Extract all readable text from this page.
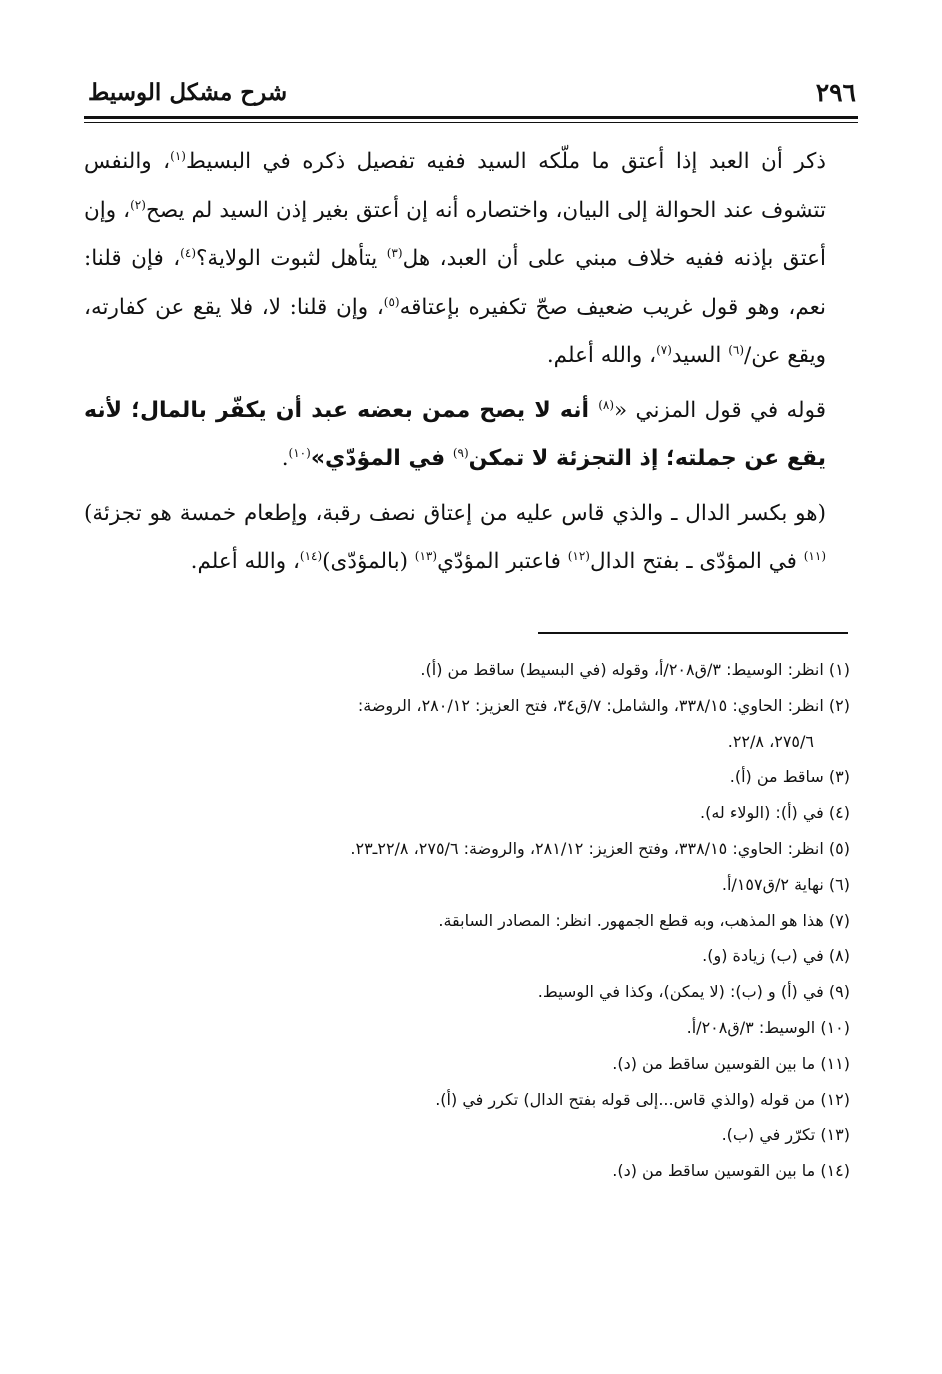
٢٩٦
شرح مشكل الوسيط

ذكر أن العبد إذا أعتق ما ملّكه السيد ففيه تفصيل ذكره في البسيط$^{(١)}$، والنفس تتشوف عند الحوالة إلى البيان، واختصاره أنه إن أعتق بغير إذن السيد لم يصح$^{(٢)}$، وإن أعتق بإذنه ففيه خلاف مبني على أن العبد، هل$^{(٣)}$ يتأهل لثبوت الولاية؟$^{(٤)}$، فإن قلنا: نعم، وهو قول غريب ضعيف صحّ تكفيره بإعتاقه$^{(٥)}$، وإن قلنا: لا، فلا يقع عن كفارته، ويقع عن/$^{(٦)}$ السيد$^{(٧)}$، والله أعلم.

قوله في قول المزني «$^{(٨)}$ أنه لا يصح ممن بعضه عبد أن يكفّر بالمال؛ لأنه يقع عن جملته؛ إذ التجزئة لا تمكن$^{(٩)}$ في المؤدّي»$^{(١٠)}$.

(هو بكسر الدال ـ والذي قاس عليه من إعتاق نصف رقبة، وإطعام خمسة هو تجزئة)$^{(١١)}$ في المؤدّى ـ بفتح الدال$^{(١٢)}$ فاعتبر المؤدّي$^{(١٣)}$ (بالمؤدّى)$^{(١٤)}$، والله أعلم.

(١) انظر: الوسيط: ٣/ق٢٠٨/أ، وقوله (في البسيط) ساقط من (أ).

(٢) انظر: الحاوي: ٣٣٨/١٥، والشامل: ٧/ق٣٤، فتح العزيز: ٢٨٠/١٢، الروضة:

٢٧٥/٦، ٢٢/٨.

(٣) ساقط من (أ).

(٤) في (أ): (الولاء له).

(٥) انظر: الحاوي: ٣٣٨/١٥، وفتح العزيز: ٢٨١/١٢، والروضة: ٢٧٥/٦، ٢٢/٨ـ٢٣.

(٦) نهاية ٢/ق١٥٧/أ.

(٧) هذا هو المذهب، وبه قطع الجمهور. انظر: المصادر السابقة.

(٨) في (ب) زيادة (و).

(٩) في (أ) و (ب): (لا يمكن)، وكذا في الوسيط.

(١٠) الوسيط: ٣/ق٢٠٨/أ.

(١١) ما بين القوسين ساقط من (د).

(١٢) من قوله (والذي قاس...إلى قوله بفتح الدال) تكرر في (أ).

(١٣) تكرّر في (ب).

(١٤) ما بين القوسين ساقط من (د).
